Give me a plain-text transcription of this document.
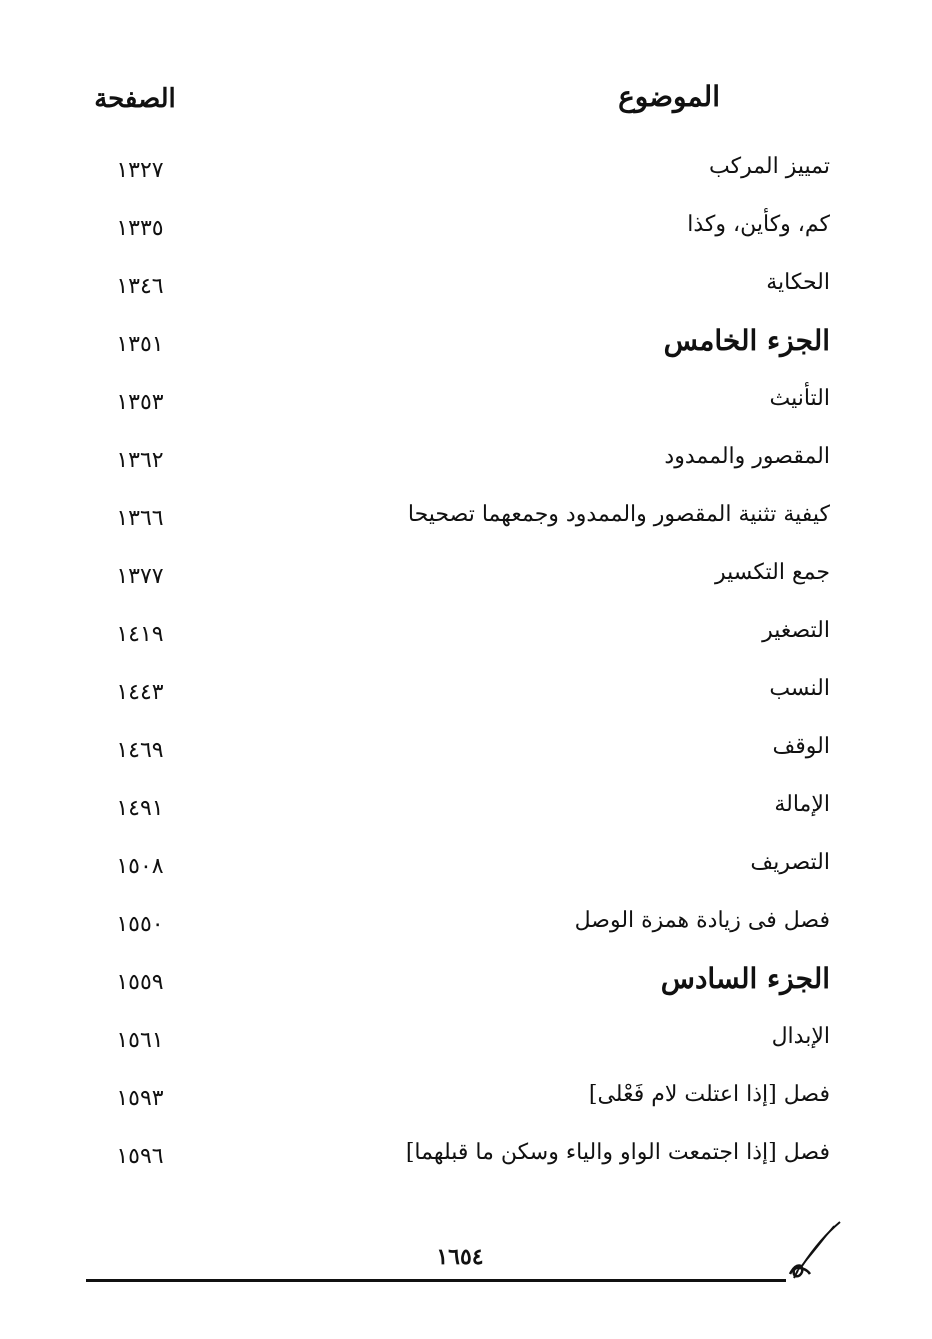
الموضوع
الصفحة
تمييز المركب
١٣٢٧
كم، وكأين، وكذا
١٣٣٥
الحكاية
١٣٤٦
الجزء الخامس
١٣٥١
التأنيث
١٣٥٣
المقصور والممدود
١٣٦٢
كيفية تثنية المقصور والممدود وجمعهما تصحيحا
١٣٦٦
جمع التكسير
١٣٧٧
التصغير
١٤١٩
النسب
١٤٤٣
الوقف
١٤٦٩
الإمالة
١٤٩١
التصريف
١٥٠٨
فصل فى زيادة همزة الوصل
١٥٥٠
الجزء السادس
١٥٥٩
الإبدال
١٥٦١
فصل [إذا اعتلت لام فَعْلى]
١٥٩٣
فصل [إذا اجتمعت الواو والياء وسكن ما قبلهما]
١٥٩٦
١٦٥٤
